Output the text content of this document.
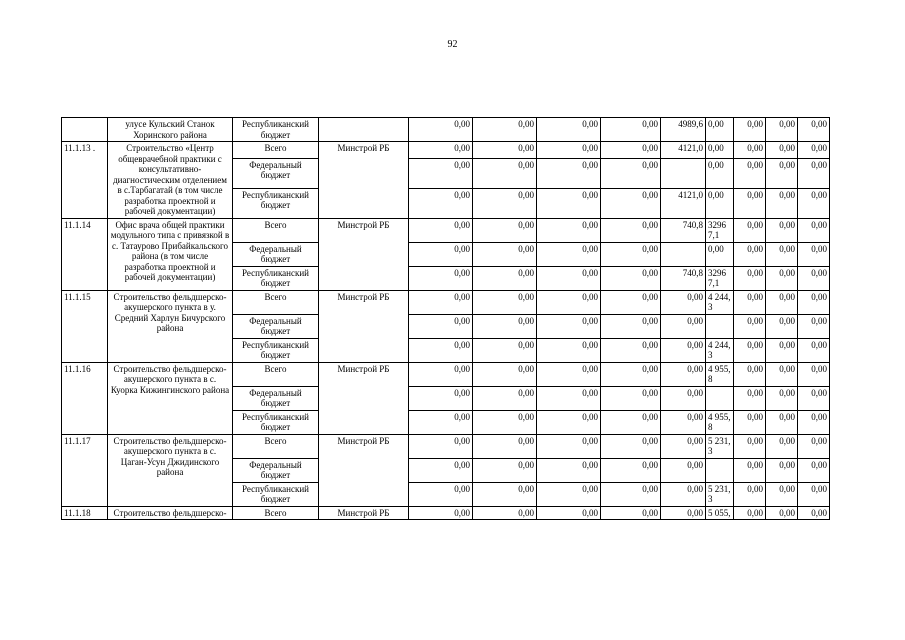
92
	улусе Кульский Станок Хоринского района	Республиканский бюджет		0,00	0,00	0,00	0,00	4989,6	0,00	0,00	0,00	0,00
11.1.13 .	Строительство «Центр общеврачебной практики с консультативно-диагностическим отделением в с.Тарбагатай (в том числе разработка проектной и рабочей документации)	Всего	Минстрой РБ	0,00	0,00	0,00	0,00	4121,0	0,00	0,00	0,00	0,00
		Федеральный бюджет		0,00	0,00	0,00	0,00		0,00	0,00	0,00	0,00
		Республиканский бюджет		0,00	0,00	0,00	0,00	4121,0	0,00	0,00	0,00	0,00
11.1.14	Офис врача общей практики модульного типа с привязкой в с. Татаурово Прибайкальского района (в том числе разработка проектной и рабочей документации)	Всего	Минстрой РБ	0,00	0,00	0,00	0,00	740,8	32967,1	0,00	0,00	0,00
		Федеральный бюджет		0,00	0,00	0,00	0,00		0,00	0,00	0,00	0,00
		Республиканский бюджет		0,00	0,00	0,00	0,00	740,8	32967,1	0,00	0,00	0,00
11.1.15	Строительство фельдшерско-акушерского пункта в у. Средний Харлун Бичурского района	Всего	Минстрой РБ	0,00	0,00	0,00	0,00	0,00	4 244,3	0,00	0,00	0,00
		Федеральный бюджет		0,00	0,00	0,00	0,00	0,00		0,00	0,00	0,00
		Республиканский бюджет		0,00	0,00	0,00	0,00	0,00	4 244,3	0,00	0,00	0,00
11.1.16	Строительство фельдшерско-акушерского пункта в с. Куорка Кижингинского района	Всего	Минстрой РБ	0,00	0,00	0,00	0,00	0,00	4 955,8	0,00	0,00	0,00
		Федеральный бюджет		0,00	0,00	0,00	0,00	0,00		0,00	0,00	0,00
		Республиканский бюджет		0,00	0,00	0,00	0,00	0,00	4 955,8	0,00	0,00	0,00
11.1.17	Строительство фельдшерско-акушерского пункта в с. Цаган-Усун Джидинского района	Всего	Минстрой РБ	0,00	0,00	0,00	0,00	0,00	5 231,3	0,00	0,00	0,00
		Федеральный бюджет		0,00	0,00	0,00	0,00	0,00		0,00	0,00	0,00
		Республиканский бюджет		0,00	0,00	0,00	0,00	0,00	5 231,3	0,00	0,00	0,00
11.1.18	Строительство фельдшерско-	Всего	Минстрой РБ	0,00	0,00	0,00	0,00	0,00	5 055,	0,00	0,00	0,00
